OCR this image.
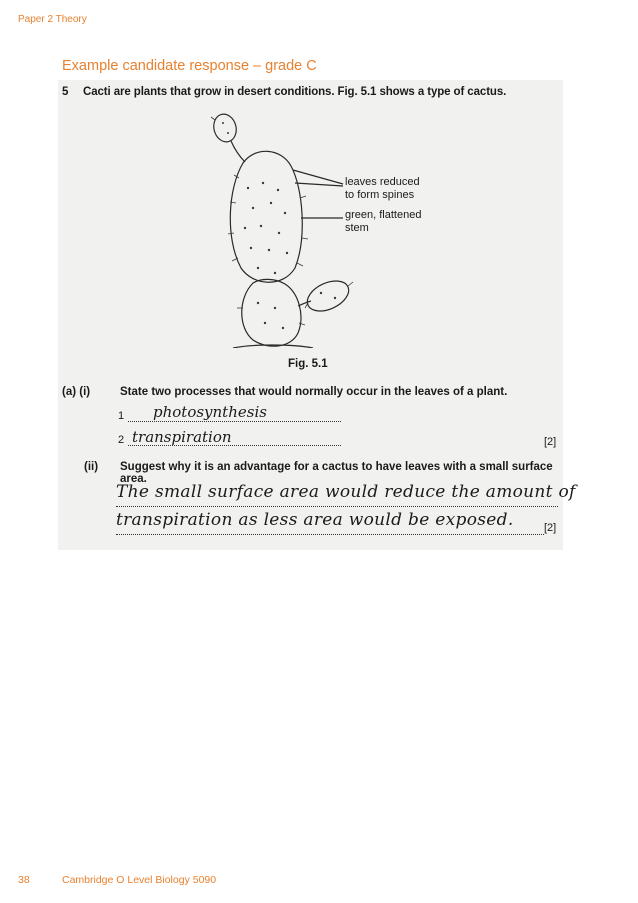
Paper 2 Theory
Example candidate response – grade C
5 Cacti are plants that grow in desert conditions. Fig. 5.1 shows a type of cactus.
leaves reduced
to form spines
green, flattened
stem
Fig. 5.1
(a) (i)	State two processes that would normally occur in the leaves of a plant.
1 photosynthesis
2 transpiration	[2]
(ii) Suggest why it is an advantage for a cactus to have leaves with a small surface area.
The small surface area would reduce the amount of
transpiration as less area would be exposed.	[2]
38	Cambridge O Level Biology 5090
